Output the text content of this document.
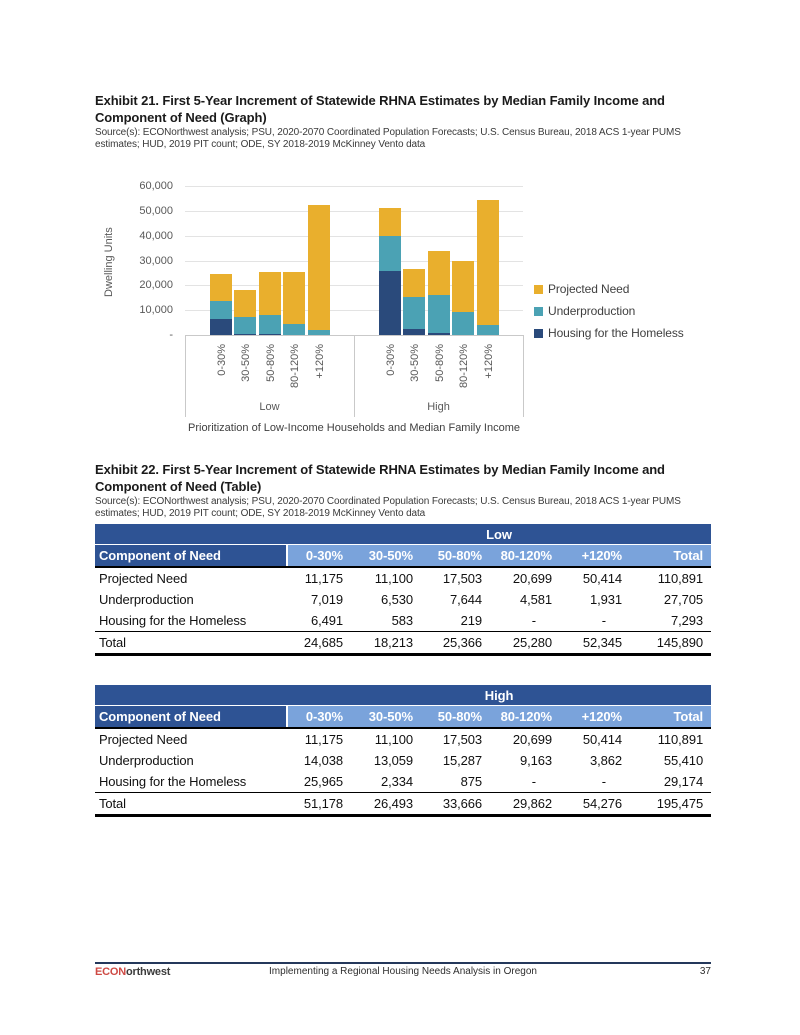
Exhibit 21. First 5-Year Increment of Statewide RHNA Estimates by Median Family Income and Component of Need (Graph)
Source(s): ECONorthwest analysis; PSU, 2020-2070 Coordinated Population Forecasts; U.S. Census Bureau, 2018 ACS 1-year PUMS estimates; HUD, 2019 PIT count; ODE, SY 2018-2019 McKinney Vento data
60,000
50,000
40,000
30,000
20,000
10,000
-
Dwelling Units
0-30% 30-50% 50-80% 80-120% +120%
Low
0-30% 30-50% 50-80% 80-120% +120%
High
Prioritization of Low-Income Households and Median Family Income
Projected Need
Underproduction
Housing for the Homeless
Exhibit 22. First 5-Year Increment of Statewide RHNA Estimates by Median Family Income and Component of Need (Table)
Source(s): ECONorthwest analysis; PSU, 2020-2070 Coordinated Population Forecasts; U.S. Census Bureau, 2018 ACS 1-year PUMS estimates; HUD, 2019 PIT count; ODE, SY 2018-2019 McKinney Vento data
	Low					
Component of Need	0-30%	30-50%	50-80%	80-120%	+120%	Total
Projected Need	11,175	11,100	17,503	20,699	50,414	110,891
Underproduction	7,019	6,530	7,644	4,581	1,931	27,705
Housing for the Homeless	6,491	583	219	-	-	7,293
Total	24,685	18,213	25,366	25,280	52,345	145,890
	High					
Component of Need	0-30%	30-50%	50-80%	80-120%	+120%	Total
Projected Need	11,175	11,100	17,503	20,699	50,414	110,891
Underproduction	14,038	13,059	15,287	9,163	3,862	55,410
Housing for the Homeless	25,965	2,334	875	-	-	29,174
Total	51,178	26,493	33,666	29,862	54,276	195,475
ECONorthwest	Implementing a Regional Housing Needs Analysis in Oregon	37
